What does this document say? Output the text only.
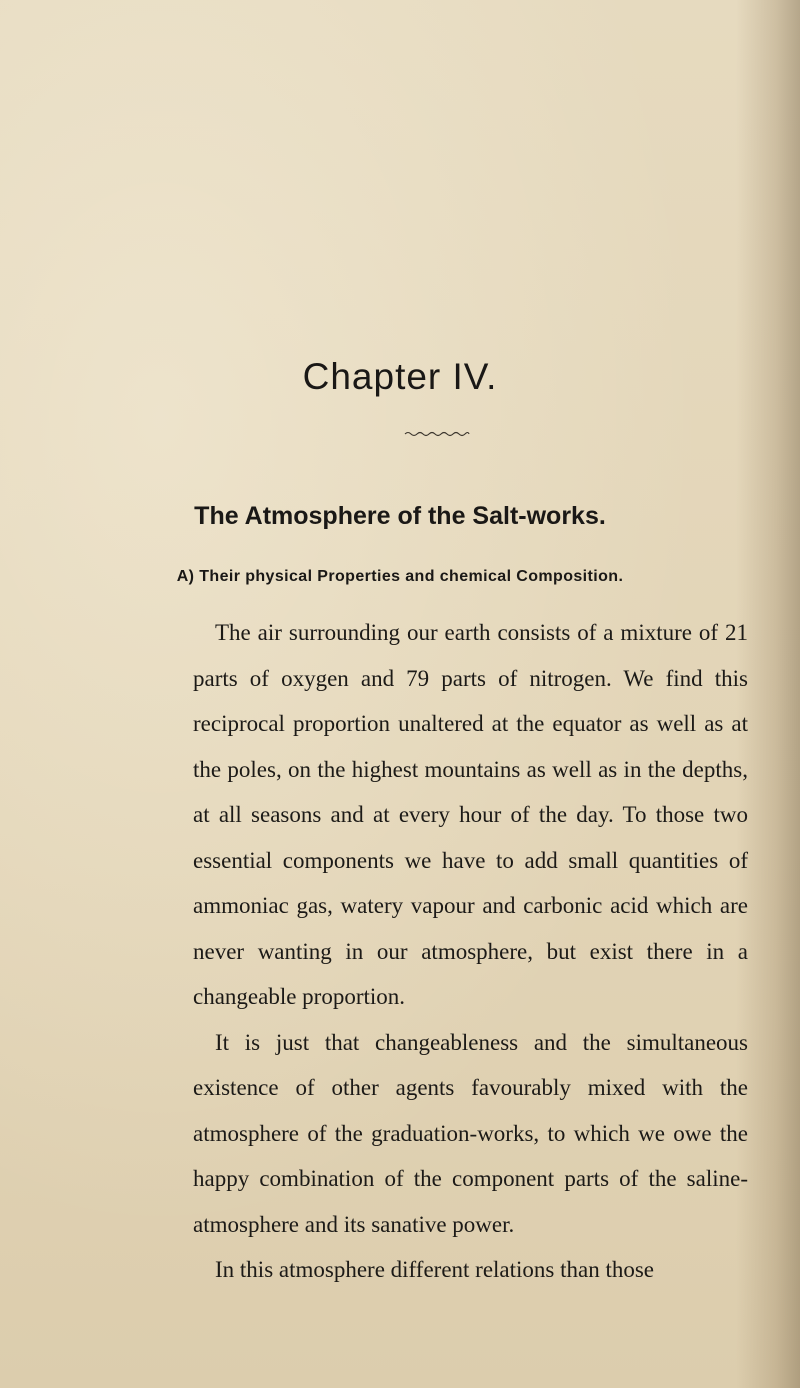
Chapter IV.
The Atmosphere of the Salt-works.
A) Their physical Properties and chemical Composition.

The air surrounding our earth consists of a mixture of 21 parts of oxygen and 79 parts of nitrogen. We find this reciprocal proportion unaltered at the equator as well as at the poles, on the highest mountains as well as in the depths, at all seasons and at every hour of the day. To those two essential components we have to add small quantities of ammoniac gas, watery vapour and carbonic acid which are never wanting in our atmosphere, but exist there in a changeable proportion.

It is just that changeableness and the simultaneous existence of other agents favourably mixed with the atmosphere of the graduation-works, to which we owe the happy combination of the component parts of the saline-atmosphere and its sanative power.

In this atmosphere different relations than those
